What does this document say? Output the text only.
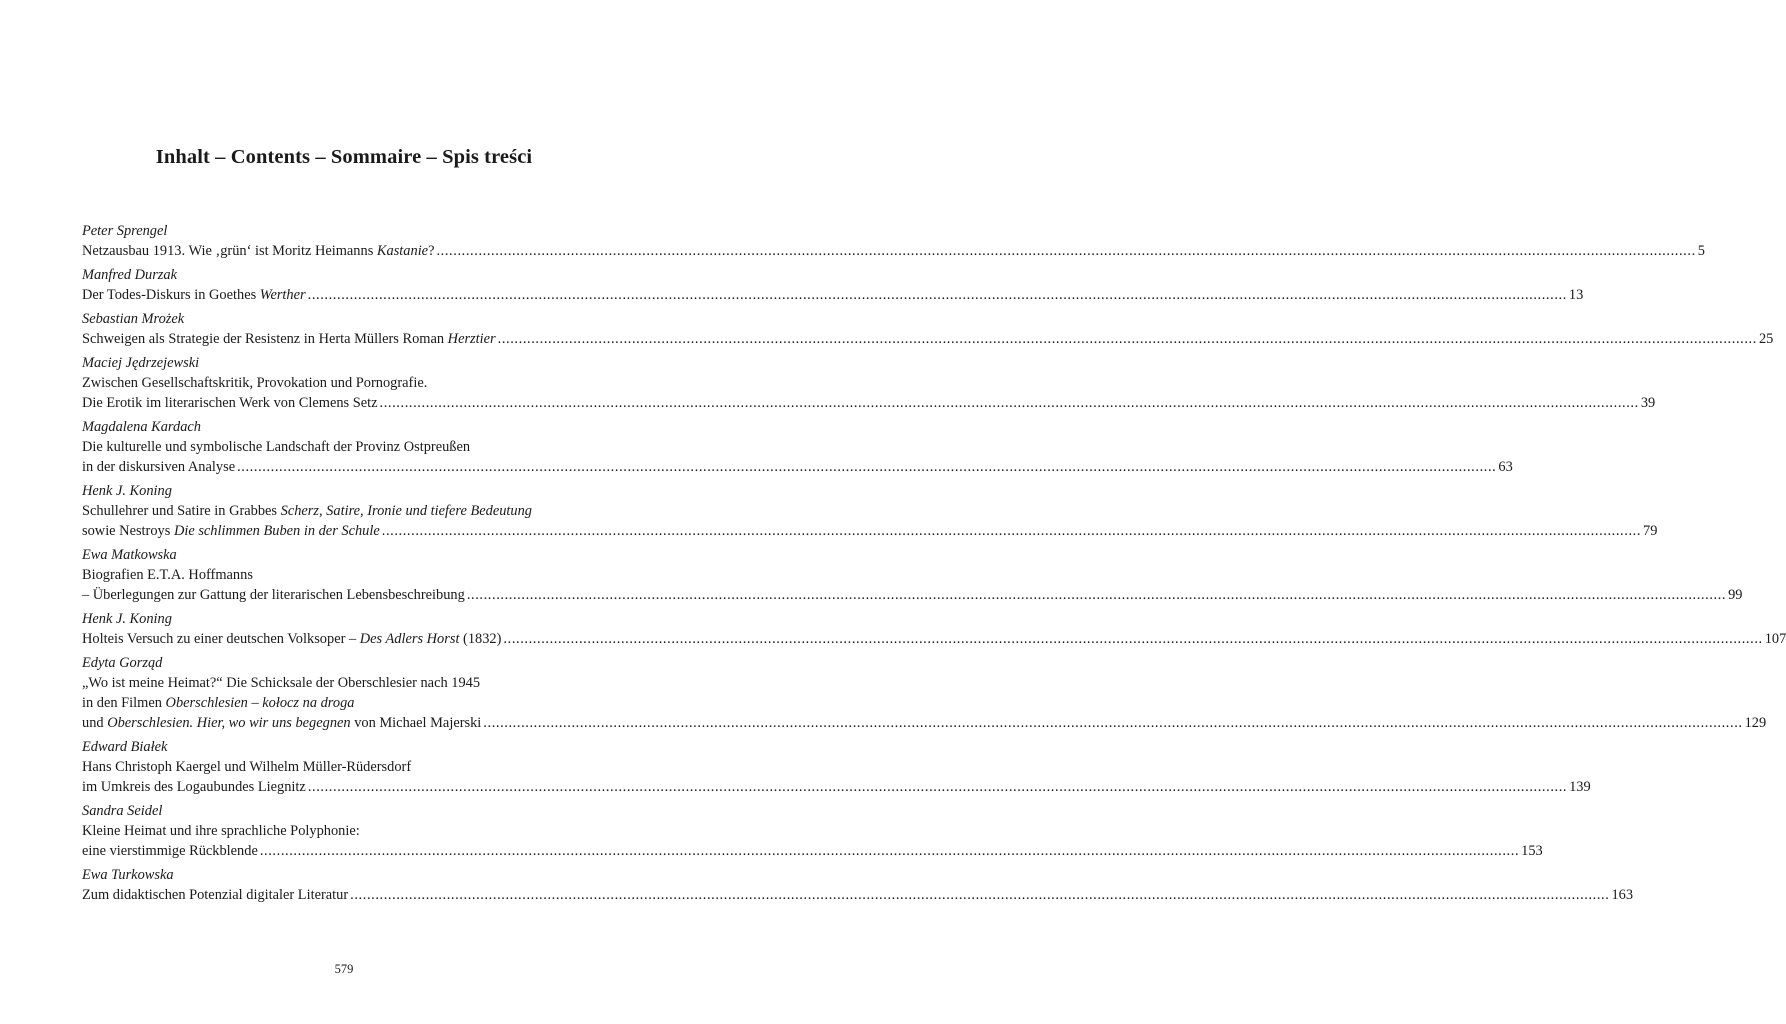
Inhalt – Contents – Sommaire – Spis treści
Peter Sprengel
Netzausbau 1913. Wie ‚grün‘ ist Moritz Heimanns Kastanie? ............................................................................................................................................................................................................................................................................................................ 5
Manfred Durzak
Der Todes-Diskurs in Goethes Werther ............................................................................................................................................................................................................................................................................................................ 13
Sebastian Mrożek
Schweigen als Strategie der Resistenz in Herta Müllers Roman Herztier ............................................................................................................................................................................................................................................................................................................ 25
Maciej Jędrzejewski
Zwischen Gesellschaftskritik, Provokation und Pornografie.
Die Erotik im literarischen Werk von Clemens Setz ............................................................................................................................................................................................................................................................................................................ 39
Magdalena Kardach
Die kulturelle und symbolische Landschaft der Provinz Ostpreußen
in der diskursiven Analyse ............................................................................................................................................................................................................................................................................................................ 63
Henk J. Koning
Schullehrer und Satire in Grabbes Scherz, Satire, Ironie und tiefere Bedeutung
sowie Nestroys Die schlimmen Buben in der Schule ............................................................................................................................................................................................................................................................................................................ 79
Ewa Matkowska
Biografien E.T.A. Hoffmanns
– Überlegungen zur Gattung der literarischen Lebensbeschreibung ............................................................................................................................................................................................................................................................................................................ 99
Henk J. Koning
Holteis Versuch zu einer deutschen Volksoper – Des Adlers Horst (1832) ............................................................................................................................................................................................................................................................................................................ 107
Edyta Gorząd
„Wo ist meine Heimat?“ Die Schicksale der Oberschlesier nach 1945
in den Filmen Oberschlesien – kołocz na droga
und Oberschlesien. Hier, wo wir uns begegnen von Michael Majerski ............................................................................................................................................................................................................................................................................................................ 129
Edward Białek
Hans Christoph Kaergel und Wilhelm Müller-Rüdersdorf
im Umkreis des Logaubundes Liegnitz ............................................................................................................................................................................................................................................................................................................ 139
Sandra Seidel
Kleine Heimat und ihre sprachliche Polyphonie:
eine vierstimmige Rückblende ............................................................................................................................................................................................................................................................................................................ 153
Ewa Turkowska
Zum didaktischen Potenzial digitaler Literatur ............................................................................................................................................................................................................................................................................................................ 163
579
